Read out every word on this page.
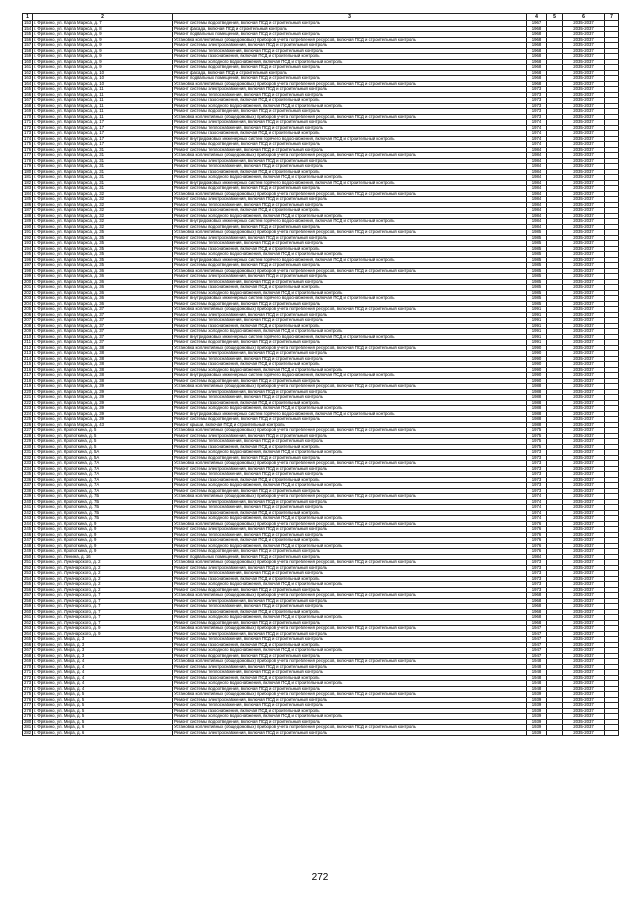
1	2	3	4	5	6	7
153	г. Фрязино, ул. Карла Маркса, д. 7	Ремонт системы водоотведения, включая ПСД и строительный контроль	1967		2035-2037	
154	г. Фрязино, ул. Карла Маркса, д. 8	Ремонт фасада, включая ПСД и строительный контроль	1968		2035-2037	
155	г. Фрязино, ул. Карла Маркса, д. 9	Ремонт подвальных помещений, включая ПСД и строительный контроль	1968		2035-2037	
156	г. Фрязино, ул. Карла Маркса, д. 9	Установка коллективных (общедомовых) приборов учета потребления ресурсов, включая ПСД и строительный контроль	1968		2035-2037	
157	г. Фрязино, ул. Карла Маркса, д. 9	Ремонт системы электроснабжения, включая ПСД и строительный контроль	1968		2035-2037	
158	г. Фрязино, ул. Карла Маркса, д. 9	Ремонт системы теплоснабжения, включая ПСД и строительный контроль	1968		2035-2037	
159	г. Фрязино, ул. Карла Маркса, д. 9	Ремонт системы газоснабжения, включая ПСД и строительный контроль	1968		2035-2037	
160	г. Фрязино, ул. Карла Маркса, д. 9	Ремонт системы холодного водоснабжения, включая ПСД и строительный контроль	1968		2035-2037	
161	г. Фрязино, ул. Карла Маркса, д. 9	Ремонт системы водоотведения, включая ПСД и строительный контроль	1968		2035-2037	
162	г. Фрязино, ул. Карла Маркса, д. 10	Ремонт фасада, включая ПСД и строительный контроль	1968		2035-2037	
163	г. Фрязино, ул. Карла Маркса, д. 10	Ремонт подвальных помещений, включая ПСД и строительный контроль	1968		2035-2037	
164	г. Фрязино, ул. Карла Маркса, д. 10	Установка коллективных (общедомовых) приборов учета потребления ресурсов, включая ПСД и строительный контроль	1968		2035-2037	
165	г. Фрязино, ул. Карла Маркса, д. 11	Ремонт системы электроснабжения, включая ПСД и строительный контроль	1973		2035-2037	
166	г. Фрязино, ул. Карла Маркса, д. 11	Ремонт системы теплоснабжения, включая ПСД и строительный контроль	1973		2035-2037	
167	г. Фрязино, ул. Карла Маркса, д. 11	Ремонт системы газоснабжения, включая ПСД и строительный контроль	1973		2035-2037	
168	г. Фрязино, ул. Карла Маркса, д. 11	Ремонт системы холодного водоснабжения, включая ПСД и строительный контроль	1973		2035-2037	
169	г. Фрязино, ул. Карла Маркса, д. 11	Ремонт системы водоотведения, включая ПСД и строительный контроль	1973		2035-2037	
170	г. Фрязино, ул. Карла Маркса, д. 11	Установка коллективных (общедомовых) приборов учета потребления ресурсов, включая ПСД и строительный контроль	1973		2035-2037	
171	г. Фрязино, ул. Карла Маркса, д. 17	Ремонт системы электроснабжения, включая ПСД и строительный контроль	1974		2035-2037	
172	г. Фрязино, ул. Карла Маркса, д. 17	Ремонт системы теплоснабжения, включая ПСД и строительный контроль	1974		2035-2037	
173	г. Фрязино, ул. Карла Маркса, д. 17	Ремонт системы газоснабжения, включая ПСД и строительный контроль	1974		2035-2037	
174	г. Фрязино, ул. Карла Маркса, д. 17	Ремонт внутридомовых инженерных систем горячего водоснабжения, включая ПСД и строительный контроль	1974		2035-2037	
175	г. Фрязино, ул. Карла Маркса, д. 17	Ремонт системы водоотведения, включая ПСД и строительный контроль	1974		2035-2037	
176	г. Фрязино, ул. Карла Маркса, д. 31	Ремонт системы теплоснабжения, включая ПСД и строительный контроль	1984		2035-2037	
177	г. Фрязино, ул. Карла Маркса, д. 31	Установка коллективных (общедомовых) приборов учета потребления ресурсов, включая ПСД и строительный контроль	1984		2035-2037	
178	г. Фрязино, ул. Карла Маркса, д. 31	Ремонт системы электроснабжения, включая ПСД и строительный контроль	1984		2035-2037	
179	г. Фрязино, ул. Карла Маркса, д. 31	Ремонт системы теплоснабжения, включая ПСД и строительный контроль	1984		2035-2037	
180	г. Фрязино, ул. Карла Маркса, д. 31	Ремонт системы газоснабжения, включая ПСД и строительный контроль	1984		2035-2037	
181	г. Фрязино, ул. Карла Маркса, д. 31	Ремонт системы холодного водоснабжения, включая ПСД и строительный контроль	1984		2035-2037	
182	г. Фрязино, ул. Карла Маркса, д. 31	Ремонт внутридомовых инженерных систем горячего водоснабжения, включая ПСД и строительный контроль	1984		2035-2037	
183	г. Фрязино, ул. Карла Маркса, д. 31	Ремонт системы водоотведения, включая ПСД и строительный контроль	1984		2035-2037	
184	г. Фрязино, ул. Карла Маркса, д. 32	Установка коллективных (общедомовых) приборов учета потребления ресурсов, включая ПСД и строительный контроль	1984		2035-2037	
185	г. Фрязино, ул. Карла Маркса, д. 32	Ремонт системы электроснабжения, включая ПСД и строительный контроль	1984		2035-2037	
186	г. Фрязино, ул. Карла Маркса, д. 32	Ремонт системы теплоснабжения, включая ПСД и строительный контроль	1984		2035-2037	
187	г. Фрязино, ул. Карла Маркса, д. 32	Ремонт системы газоснабжения, включая ПСД и строительный контроль	1984		2035-2037	
188	г. Фрязино, ул. Карла Маркса, д. 32	Ремонт системы холодного водоснабжения, включая ПСД и строительный контроль	1984		2035-2037	
189	г. Фрязино, ул. Карла Маркса, д. 32	Ремонт внутридомовых инженерных систем горячего водоснабжения, включая ПСД и строительный контроль	1984		2035-2037	
190	г. Фрязино, ул. Карла Маркса, д. 32	Ремонт системы водоотведения, включая ПСД и строительный контроль	1984		2035-2037	
191	г. Фрязино, ул. Карла Маркса, д. 35	Установка коллективных (общедомовых) приборов учета потребления ресурсов, включая ПСД и строительный контроль	1985		2035-2037	
192	г. Фрязино, ул. Карла Маркса, д. 35	Ремонт системы электроснабжения, включая ПСД и строительный контроль	1985		2035-2037	
193	г. Фрязино, ул. Карла Маркса, д. 35	Ремонт системы теплоснабжения, включая ПСД и строительный контроль	1985		2035-2037	
194	г. Фрязино, ул. Карла Маркса, д. 35	Ремонт системы газоснабжения, включая ПСД и строительный контроль	1985		2035-2037	
195	г. Фрязино, ул. Карла Маркса, д. 35	Ремонт системы холодного водоснабжения, включая ПСД и строительный контроль	1985		2035-2037	
196	г. Фрязино, ул. Карла Маркса, д. 35	Ремонт внутридомовых инженерных систем горячего водоснабжения, включая ПСД и строительный контроль	1985		2035-2037	
197	г. Фрязино, ул. Карла Маркса, д. 35	Ремонт системы водоотведения, включая ПСД и строительный контроль	1985		2035-2037	
198	г. Фрязино, ул. Карла Маркса, д. 36	Установка коллективных (общедомовых) приборов учета потребления ресурсов, включая ПСД и строительный контроль	1985		2035-2037	
199	г. Фрязино, ул. Карла Маркса, д. 36	Ремонт системы электроснабжения, включая ПСД и строительный контроль	1985		2035-2037	
200	г. Фрязино, ул. Карла Маркса, д. 36	Ремонт системы теплоснабжения, включая ПСД и строительный контроль	1985		2035-2037	
201	г. Фрязино, ул. Карла Маркса, д. 36	Ремонт системы газоснабжения, включая ПСД и строительный контроль	1985		2035-2037	
202	г. Фрязино, ул. Карла Маркса, д. 36	Ремонт системы холодного водоснабжения, включая ПСД и строительный контроль	1985		2035-2037	
203	г. Фрязино, ул. Карла Маркса, д. 36	Ремонт внутридомовых инженерных систем горячего водоснабжения, включая ПСД и строительный контроль	1985		2035-2037	
204	г. Фрязино, ул. Карла Маркса, д. 36	Ремонт системы водоотведения, включая ПСД и строительный контроль	1985		2035-2037	
205	г. Фрязино, ул. Карла Маркса, д. 37	Установка коллективных (общедомовых) приборов учета потребления ресурсов, включая ПСД и строительный контроль	1991		2035-2037	
206	г. Фрязино, ул. Карла Маркса, д. 37	Ремонт системы электроснабжения, включая ПСД и строительный контроль	1991		2035-2037	
207	г. Фрязино, ул. Карла Маркса, д. 37	Ремонт системы теплоснабжения, включая ПСД и строительный контроль	1991		2035-2037	
208	г. Фрязино, ул. Карла Маркса, д. 37	Ремонт системы газоснабжения, включая ПСД и строительный контроль	1991		2035-2037	
209	г. Фрязино, ул. Карла Маркса, д. 37	Ремонт системы холодного водоснабжения, включая ПСД и строительный контроль	1991		2035-2037	
210	г. Фрязино, ул. Карла Маркса, д. 37	Ремонт внутридомовых инженерных систем горячего водоснабжения, включая ПСД и строительный контроль	1991		2035-2037	
211	г. Фрязино, ул. Карла Маркса, д. 37	Ремонт системы водоотведения, включая ПСД и строительный контроль	1991		2035-2037	
212	г. Фрязино, ул. Карла Маркса, д. 38	Установка коллективных (общедомовых) приборов учета потребления ресурсов, включая ПСД и строительный контроль	1990		2035-2037	
213	г. Фрязино, ул. Карла Маркса, д. 38	Ремонт системы электроснабжения, включая ПСД и строительный контроль	1990		2035-2037	
214	г. Фрязино, ул. Карла Маркса, д. 38	Ремонт системы теплоснабжения, включая ПСД и строительный контроль	1990		2035-2037	
215	г. Фрязино, ул. Карла Маркса, д. 38	Ремонт системы газоснабжения, включая ПСД и строительный контроль	1990		2035-2037	
216	г. Фрязино, ул. Карла Маркса, д. 38	Ремонт системы холодного водоснабжения, включая ПСД и строительный контроль	1990		2035-2037	
217	г. Фрязино, ул. Карла Маркса, д. 38	Ремонт внутридомовых инженерных систем горячего водоснабжения, включая ПСД и строительный контроль	1990		2035-2037	
218	г. Фрязино, ул. Карла Маркса, д. 38	Ремонт системы водоотведения, включая ПСД и строительный контроль	1990		2035-2037	
219	г. Фрязино, ул. Карла Маркса, д. 39	Установка коллективных (общедомовых) приборов учета потребления ресурсов, включая ПСД и строительный контроль	1988		2035-2037	
220	г. Фрязино, ул. Карла Маркса, д. 39	Ремонт системы электроснабжения, включая ПСД и строительный контроль	1988		2035-2037	
221	г. Фрязино, ул. Карла Маркса, д. 39	Ремонт системы теплоснабжения, включая ПСД и строительный контроль	1988		2035-2037	
222	г. Фрязино, ул. Карла Маркса, д. 39	Ремонт системы газоснабжения, включая ПСД и строительный контроль	1988		2035-2037	
223	г. Фрязино, ул. Карла Маркса, д. 39	Ремонт системы холодного водоснабжения, включая ПСД и строительный контроль	1988		2035-2037	
224	г. Фрязино, ул. Карла Маркса, д. 39	Ремонт внутридомовых инженерных систем горячего водоснабжения, включая ПСД и строительный контроль	1988		2035-2037	
225	г. Фрязино, ул. Карла Маркса, д. 39	Ремонт системы водоотведения, включая ПСД и строительный контроль	1988		2035-2037	
226	г. Фрязино, ул. Карла Маркса, д. 43	Ремонт крыши, включая ПСД и строительный контроль	1988		2035-2037	
227	г. Фрязино, ул. Кропоткина, д. 5	Установка коллективных (общедомовых) приборов учета потребления ресурсов, включая ПСД и строительный контроль	1975		2035-2037	
228	г. Фрязино, ул. Кропоткина, д. 5	Ремонт системы электроснабжения, включая ПСД и строительный контроль	1975		2035-2037	
229	г. Фрязино, ул. Кропоткина, д. 5	Ремонт системы теплоснабжения, включая ПСД и строительный контроль	1975		2035-2037	
230	г. Фрязино, ул. Кропоткина, д. 5	Ремонт системы газоснабжения, включая ПСД и строительный контроль	1975		2035-2037	
231	г. Фрязино, ул. Кропоткина, д. 5А	Ремонт системы холодного водоснабжения, включая ПСД и строительный контроль	1973		2035-2037	
232	г. Фрязино, ул. Кропоткина, д. 5А	Ремонт системы водоотведения, включая ПСД и строительный контроль	1973		2035-2037	
233	г. Фрязино, ул. Кропоткина, д. 7А	Установка коллективных (общедомовых) приборов учета потребления ресурсов, включая ПСД и строительный контроль	1973		2035-2037	
234	г. Фрязино, ул. Кропоткина, д. 7А	Ремонт системы электроснабжения, включая ПСД и строительный контроль	1973		2035-2037	
235	г. Фрязино, ул. Кропоткина, д. 7А	Ремонт системы теплоснабжения, включая ПСД и строительный контроль	1973		2035-2037	
236	г. Фрязино, ул. Кропоткина, д. 7А	Ремонт системы газоснабжения, включая ПСД и строительный контроль	1973		2035-2037	
237	г. Фрязино, ул. Кропоткина, д. 7А	Ремонт системы холодного водоснабжения, включая ПСД и строительный контроль	1973		2035-2037	
238	г. Фрязино, ул. Кропоткина, д. 7А	Ремонт системы водоотведения, включая ПСД и строительный контроль	1973		2035-2037	
239	г. Фрязино, ул. Кропоткина, д. 7Б	Установка коллективных (общедомовых) приборов учета потребления ресурсов, включая ПСД и строительный контроль	1974		2035-2037	
240	г. Фрязино, ул. Кропоткина, д. 7Б	Ремонт системы электроснабжения, включая ПСД и строительный контроль	1974		2035-2037	
241	г. Фрязино, ул. Кропоткина, д. 7Б	Ремонт системы теплоснабжения, включая ПСД и строительный контроль	1974		2035-2037	
242	г. Фрязино, ул. Кропоткина, д. 7Б	Ремонт системы газоснабжения, включая ПСД и строительный контроль	1974		2035-2037	
243	г. Фрязино, ул. Кропоткина, д. 7Б	Ремонт системы холодного водоснабжения, включая ПСД и строительный контроль	1974		2035-2037	
244	г. Фрязино, ул. Кропоткина, д. 9	Установка коллективных (общедомовых) приборов учета потребления ресурсов, включая ПСД и строительный контроль	1976		2035-2037	
245	г. Фрязино, ул. Кропоткина, д. 9	Ремонт системы электроснабжения, включая ПСД и строительный контроль	1976		2035-2037	
246	г. Фрязино, ул. Кропоткина, д. 9	Ремонт системы теплоснабжения, включая ПСД и строительный контроль	1976		2035-2037	
247	г. Фрязино, ул. Кропоткина, д. 9	Ремонт системы газоснабжения, включая ПСД и строительный контроль	1976		2035-2037	
248	г. Фрязино, ул. Кропоткина, д. 9	Ремонт системы холодного водоснабжения, включая ПСД и строительный контроль	1976		2035-2037	
249	г. Фрязино, ул. Кропоткина, д. 9	Ремонт системы водоотведения, включая ПСД и строительный контроль	1976		2035-2037	
250	г. Фрязино, ул. Ленина, д. 16	Ремонт подвальных помещений, включая ПСД и строительный контроль	1984		2035-2037	
251	г. Фрязино, ул. Луначарского, д. 2	Установка коллективных (общедомовых) приборов учета потребления ресурсов, включая ПСД и строительный контроль	1973		2035-2037	
252	г. Фрязино, ул. Луначарского, д. 2	Ремонт системы электроснабжения, включая ПСД и строительный контроль	1973		2035-2037	
253	г. Фрязино, ул. Луначарского, д. 2	Ремонт системы теплоснабжения, включая ПСД и строительный контроль	1973		2035-2037	
254	г. Фрязино, ул. Луначарского, д. 2	Ремонт системы газоснабжения, включая ПСД и строительный контроль	1973		2035-2037	
255	г. Фрязино, ул. Луначарского, д. 2	Ремонт системы холодного водоснабжения, включая ПСД и строительный контроль	1973		2035-2037	
256	г. Фрязино, ул. Луначарского, д. 2	Ремонт системы водоотведения, включая ПСД и строительный контроль	1973		2035-2037	
257	г. Фрязино, ул. Луначарского, д. 7	Установка коллективных (общедомовых) приборов учета потребления ресурсов, включая ПСД и строительный контроль	1968		2035-2037	
258	г. Фрязино, ул. Луначарского, д. 7	Ремонт системы электроснабжения, включая ПСД и строительный контроль	1968		2035-2037	
259	г. Фрязино, ул. Луначарского, д. 7	Ремонт системы теплоснабжения, включая ПСД и строительный контроль	1968		2035-2037	
260	г. Фрязино, ул. Луначарского, д. 7	Ремонт системы газоснабжения, включая ПСД и строительный контроль	1968		2035-2037	
261	г. Фрязино, ул. Луначарского, д. 7	Ремонт системы холодного водоснабжения, включая ПСД и строительный контроль	1968		2035-2037	
262	г. Фрязино, ул. Луначарского, д. 7	Ремонт системы водоотведения, включая ПСД и строительный контроль	1968		2035-2037	
263	г. Фрязино, ул. Луначарского, д. 9	Установка коллективных (общедомовых) приборов учета потребления ресурсов, включая ПСД и строительный контроль	1947		2035-2037	
264	г. Фрязино, ул. Луначарского, д. 9	Ремонт системы электроснабжения, включая ПСД и строительный контроль	1947		2035-2037	
265	г. Фрязино, ул. Мира, д. 3	Ремонт системы теплоснабжения, включая ПСД и строительный контроль	1947		2035-2037	
266	г. Фрязино, ул. Мира, д. 3	Ремонт системы газоснабжения, включая ПСД и строительный контроль	1947		2035-2037	
267	г. Фрязино, ул. Мира, д. 3	Ремонт системы холодного водоснабжения, включая ПСД и строительный контроль	1947		2035-2037	
268	г. Фрязино, ул. Мира, д. 3	Ремонт системы водоотведения, включая ПСД и строительный контроль	1947		2035-2037	
269	г. Фрязино, ул. Мира, д. 4	Установка коллективных (общедомовых) приборов учета потребления ресурсов, включая ПСД и строительный контроль	1948		2035-2037	
270	г. Фрязино, ул. Мира, д. 4	Ремонт системы электроснабжения, включая ПСД и строительный контроль	1948		2035-2037	
271	г. Фрязино, ул. Мира, д. 4	Ремонт системы теплоснабжения, включая ПСД и строительный контроль	1948		2035-2037	
272	г. Фрязино, ул. Мира, д. 4	Ремонт системы газоснабжения, включая ПСД и строительный контроль	1948		2035-2037	
273	г. Фрязино, ул. Мира, д. 4	Ремонт системы холодного водоснабжения, включая ПСД и строительный контроль	1948		2035-2037	
274	г. Фрязино, ул. Мира, д. 4	Ремонт системы водоотведения, включая ПСД и строительный контроль	1948		2035-2037	
275	г. Фрязино, ул. Мира, д. 5	Установка коллективных (общедомовых) приборов учета потребления ресурсов, включая ПСД и строительный контроль	1939		2035-2037	
276	г. Фрязино, ул. Мира, д. 5	Ремонт системы электроснабжения, включая ПСД и строительный контроль	1939		2035-2037	
277	г. Фрязино, ул. Мира, д. 5	Ремонт системы теплоснабжения, включая ПСД и строительный контроль	1939		2035-2037	
278	г. Фрязино, ул. Мира, д. 5	Ремонт системы газоснабжения, включая ПСД и строительный контроль	1939		2035-2037	
279	г. Фрязино, ул. Мира, д. 5	Ремонт системы холодного водоснабжения, включая ПСД и строительный контроль	1939		2035-2037	
280	г. Фрязино, ул. Мира, д. 5	Ремонт системы водоотведения, включая ПСД и строительный контроль	1939		2035-2037	
281	г. Фрязино, ул. Мира, д. 6	Установка коллективных (общедомовых) приборов учета потребления ресурсов, включая ПСД и строительный контроль	1939		2035-2037	
282	г. Фрязино, ул. Мира, д. 6	Ремонт системы электроснабжения, включая ПСД и строительный контроль	1939		2035-2037	
272
